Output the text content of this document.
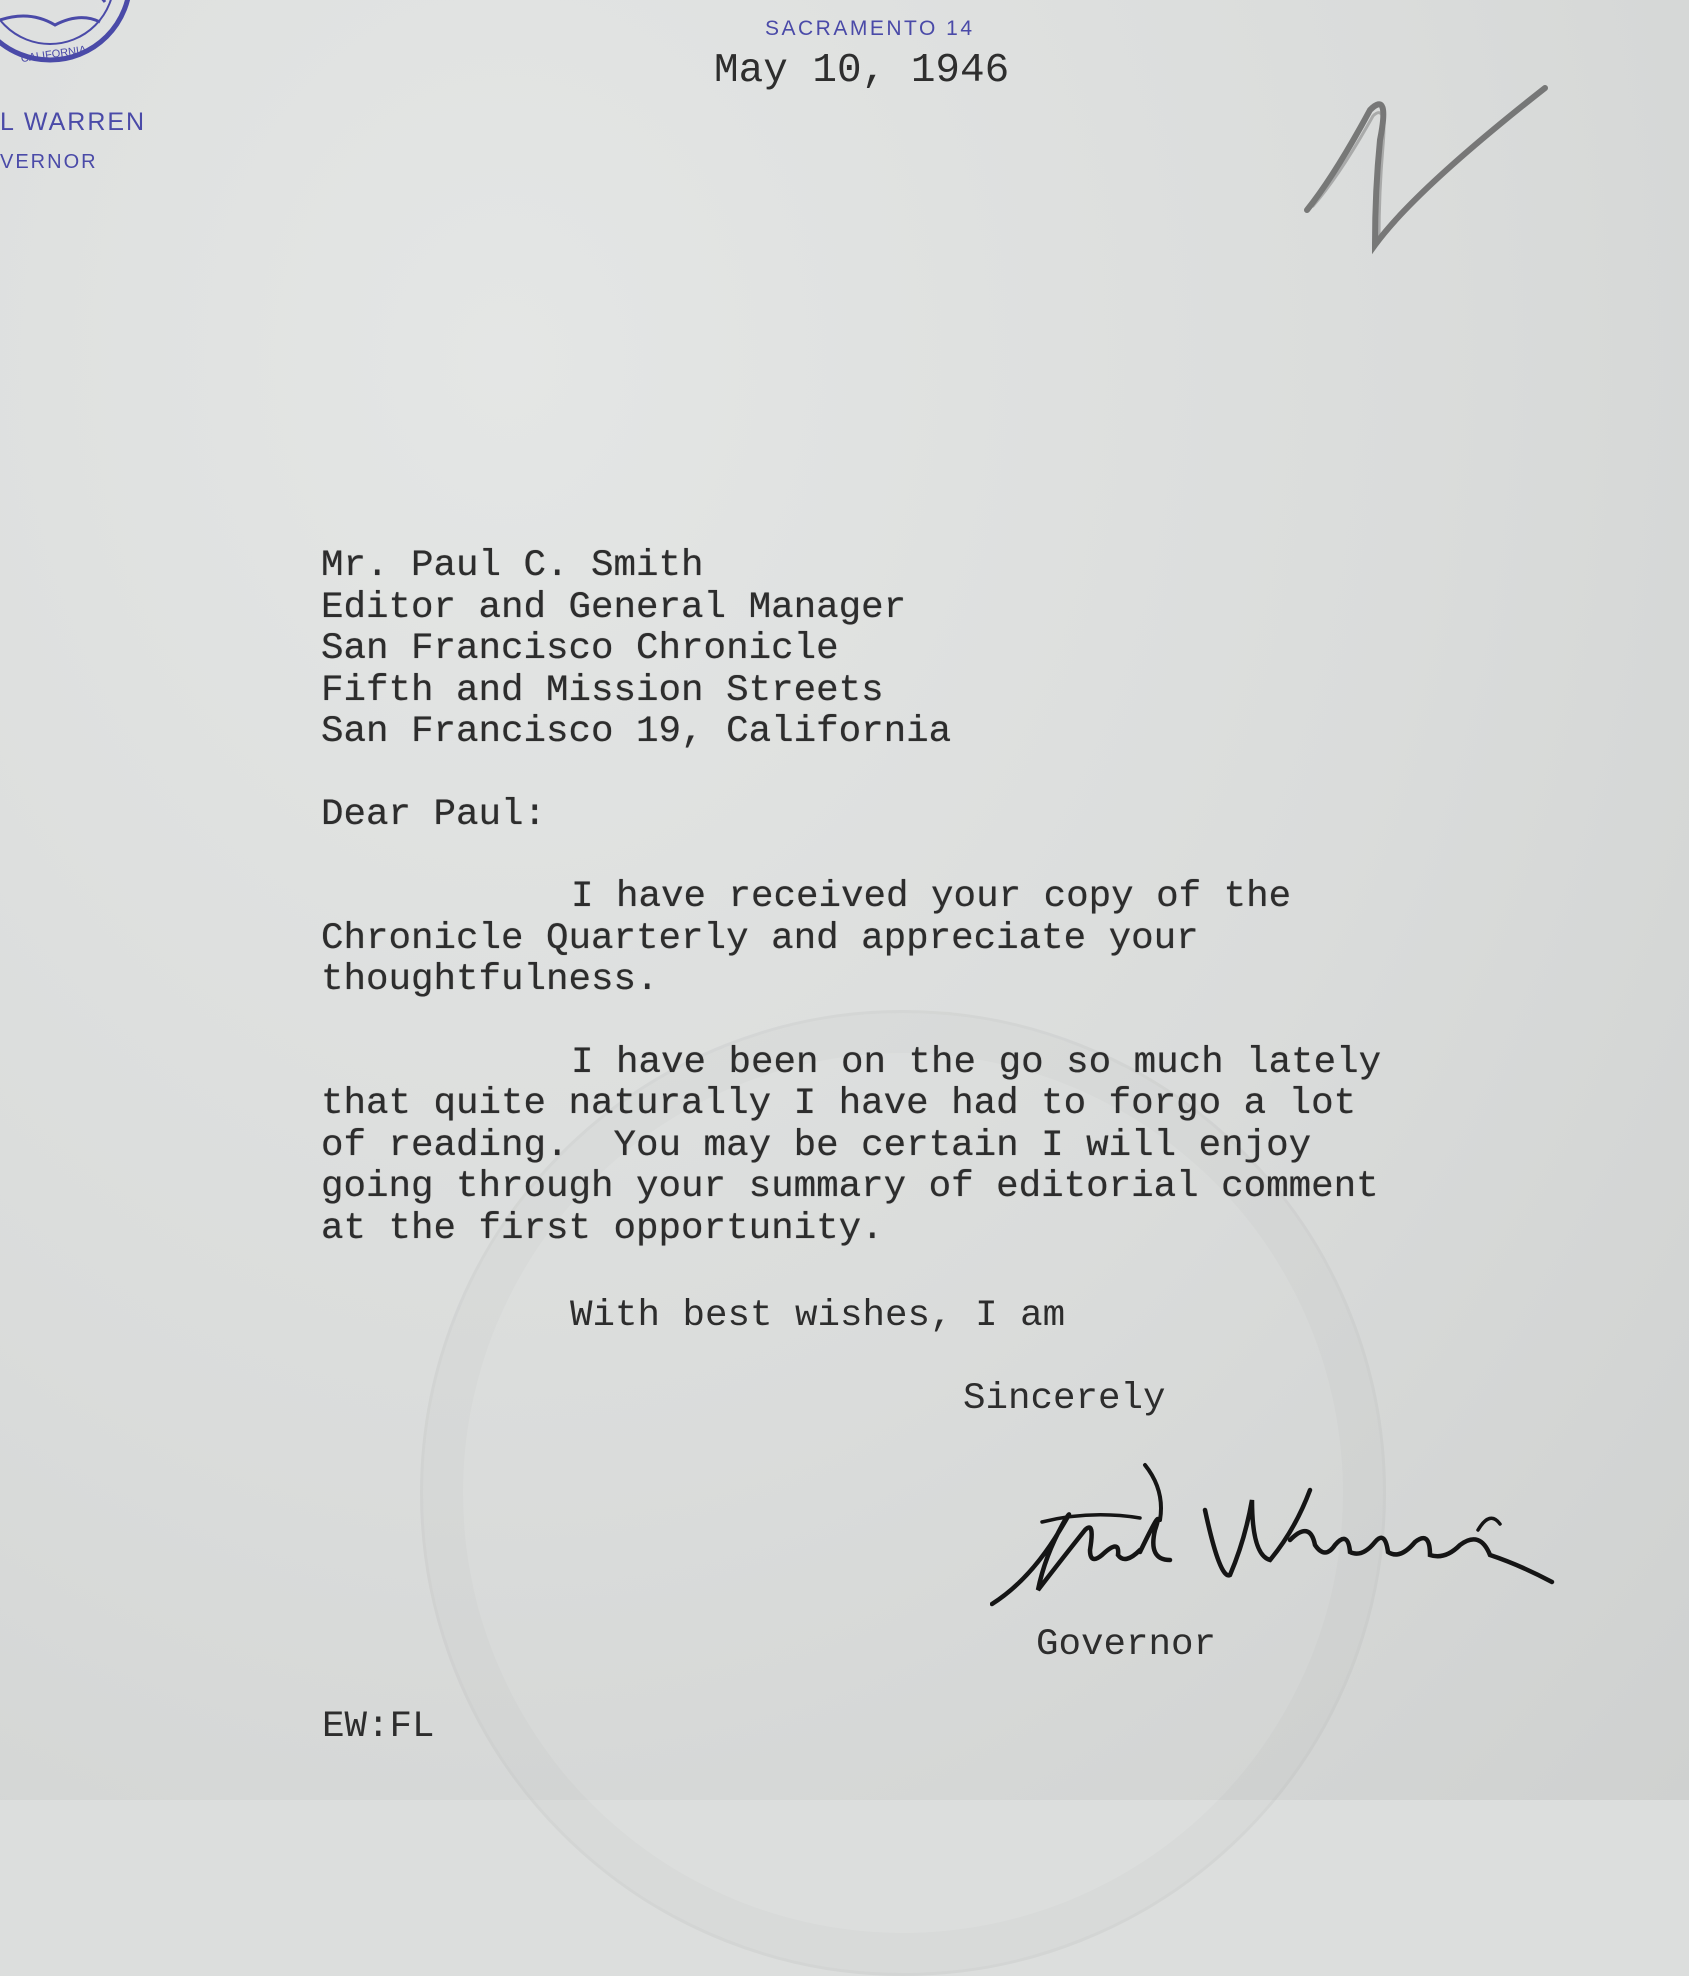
CALIFORNIA
L WARREN
VERNOR
SACRAMENTO 14
May 10, 1946

Mr. Paul C. Smith

Editor and General Manager

San Francisco Chronicle

Fifth and Mission Streets

San Francisco 19, California

Dear Paul:

I have received your copy of the

Chronicle Quarterly and appreciate your

thoughtfulness.

I have been on the go so much lately

that quite naturally I have had to forgo a lot

of reading.  You may be certain I will enjoy

going through your summary of editorial comment

at the first opportunity.

With best wishes, I am
Sincerely
Governor
EW:FL
